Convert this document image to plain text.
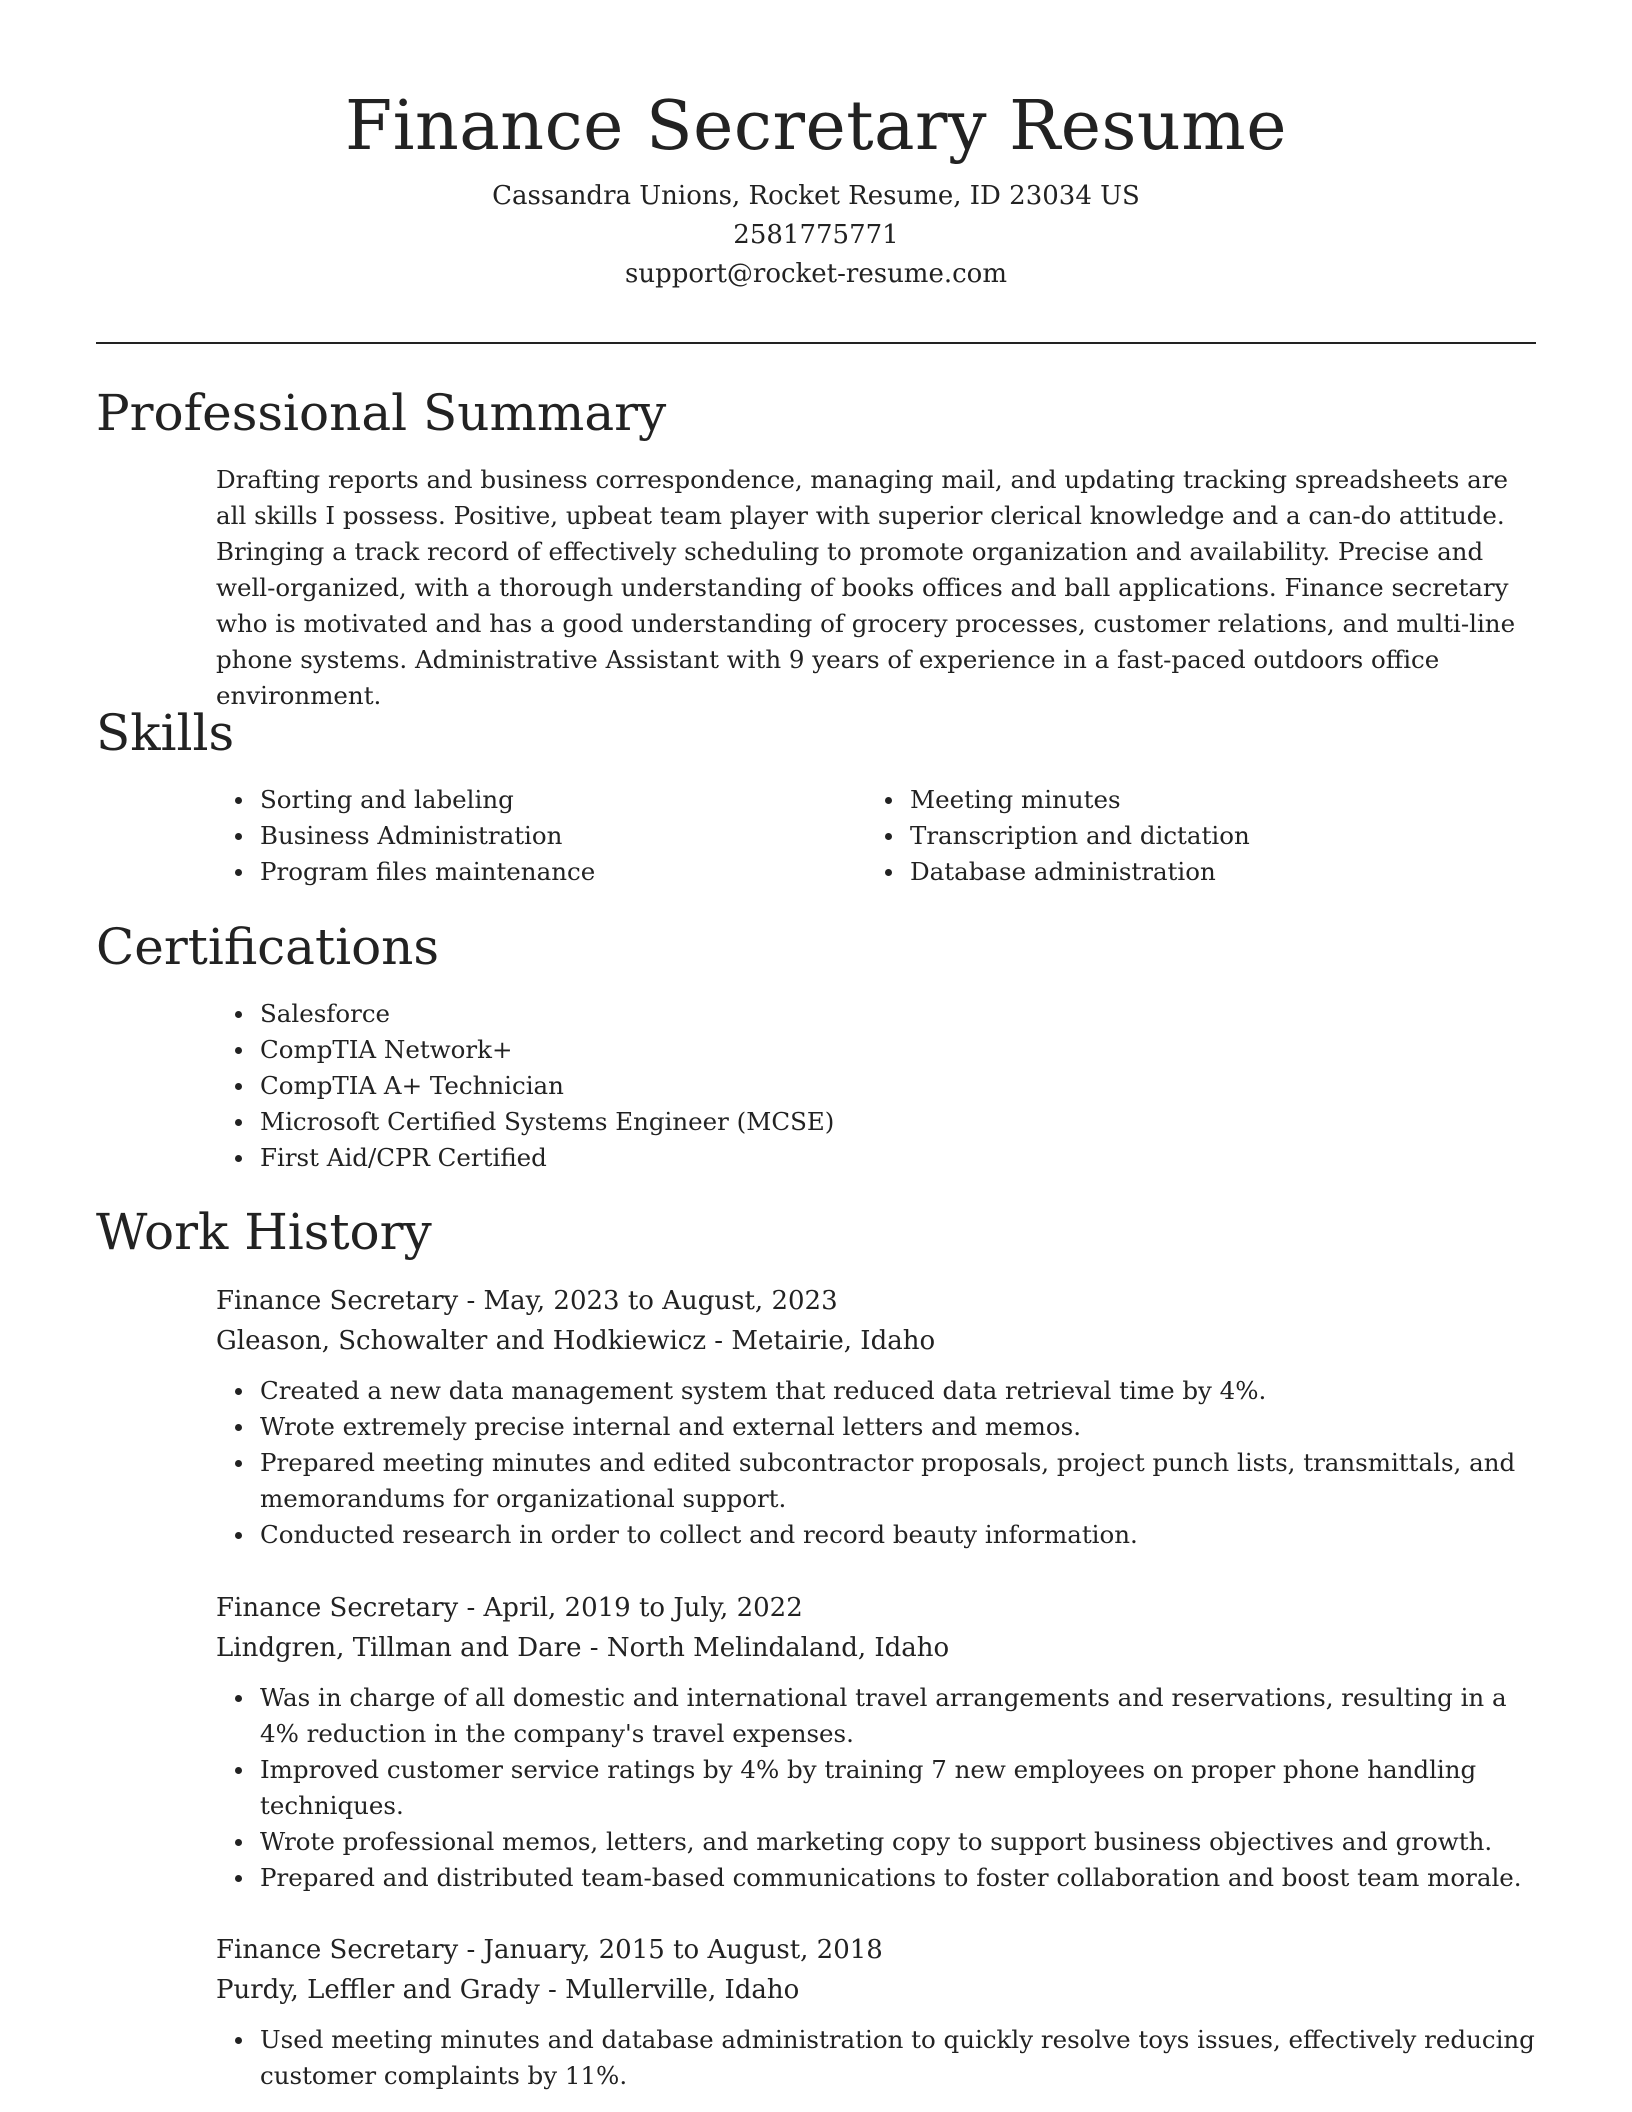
Finance Secretary Resume

Cassandra Unions, Rocket Resume, ID 23034 US

2581775771

support@rocket-resume.com

Professional Summary

Drafting reports and business correspondence, managing mail, and updating tracking spreadsheets are all skills I possess. Positive, upbeat team player with superior clerical knowledge and a can-do attitude. Bringing a track record of effectively scheduling to promote organization and availability. Precise and well-organized, with a thorough understanding of books offices and ball applications. Finance secretary who is motivated and has a good understanding of grocery processes, customer relations, and multi-line phone systems. Administrative Assistant with 9 years of experience in a fast-paced outdoors office environment.

Skills
Sorting and labeling
Business Administration
Program files maintenance
Meeting minutes
Transcription and dictation
Database administration
Certifications
Salesforce
CompTIA Network+
CompTIA A+ Technician
Microsoft Certified Systems Engineer (MCSE)
First Aid/CPR Certified
Work History

Finance Secretary - May, 2023 to August, 2023

Gleason, Schowalter and Hodkiewicz - Metairie, Idaho

Created a new data management system that reduced data retrieval time by 4%.
Wrote extremely precise internal and external letters and memos.
Prepared meeting minutes and edited subcontractor proposals, project punch lists, transmittals, and memorandums for organizational support.
Conducted research in order to collect and record beauty information.

Finance Secretary - April, 2019 to July, 2022

Lindgren, Tillman and Dare - North Melindaland, Idaho

Was in charge of all domestic and international travel arrangements and reservations, resulting in a 4% reduction in the company's travel expenses.
Improved customer service ratings by 4% by training 7 new employees on proper phone handling techniques.
Wrote professional memos, letters, and marketing copy to support business objectives and growth.
Prepared and distributed team-based communications to foster collaboration and boost team morale.

Finance Secretary - January, 2015 to August, 2018

Purdy, Leffler and Grady - Mullerville, Idaho

Used meeting minutes and database administration to quickly resolve toys issues, effectively reducing customer complaints by 11%.
